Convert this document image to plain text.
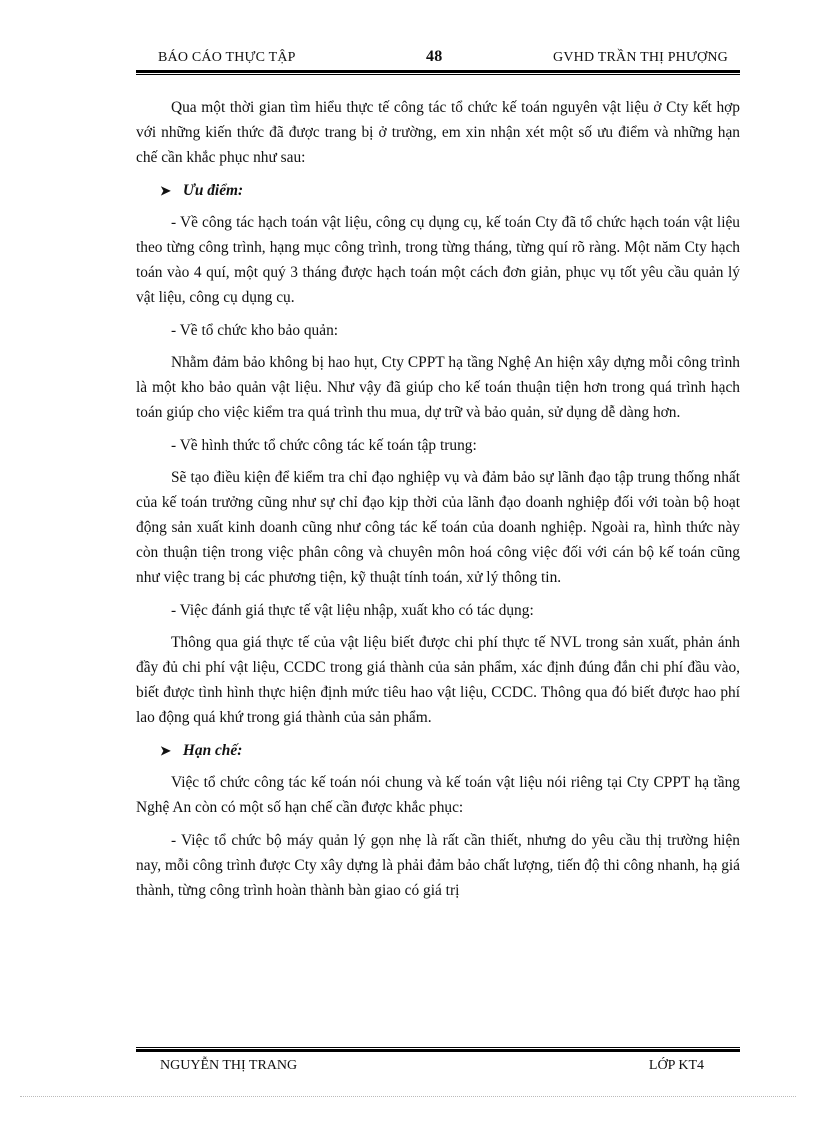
BÁO CÁO THỰC TẬP	48	GVHD TRẦN THỊ PHƯỢNG

Qua một thời gian tìm hiểu thực tế công tác tổ chức kế toán nguyên vật liệu ở Cty kết hợp với những kiến thức đã được trang bị ở trường, em xin nhận xét một số ưu điểm và những hạn chế cần khắc phục như sau:

➤ Ưu điểm:

- Về công tác hạch toán vật liệu, công cụ dụng cụ, kế toán Cty đã tổ chức hạch toán vật liệu theo từng công trình, hạng mục công trình, trong từng tháng, từng quí rõ ràng. Một năm Cty hạch toán vào 4 quí, một quý 3 tháng được hạch toán một cách đơn giản, phục vụ tốt yêu cầu quản lý vật liệu, công cụ dụng cụ.

- Về tổ chức kho bảo quản:

Nhằm đảm bảo không bị hao hụt, Cty CPPT hạ tầng Nghệ An hiện xây dựng mỗi công trình là một kho bảo quản vật liệu. Như vậy đã giúp cho kế toán thuận tiện hơn trong quá trình hạch toán giúp cho việc kiểm tra quá trình thu mua, dự trữ và bảo quản, sử dụng dễ dàng hơn.

- Về hình thức tổ chức công tác kế toán tập trung:

Sẽ tạo điều kiện để kiểm tra chỉ đạo nghiệp vụ và đảm bảo sự lãnh đạo tập trung thống nhất của kế toán trưởng cũng như sự chỉ đạo kịp thời của lãnh đạo doanh nghiệp đối với toàn bộ hoạt động sản xuất kinh doanh cũng như công tác kế toán của doanh nghiệp. Ngoài ra, hình thức này còn thuận tiện trong việc phân công và chuyên môn hoá công việc đối với cán bộ kế toán cũng như việc trang bị các phương tiện, kỹ thuật tính toán, xử lý thông tin.

- Việc đánh giá thực tế vật liệu nhập, xuất kho có tác dụng:

Thông qua giá thực tế của vật liệu biết được chi phí thực tế NVL trong sản xuất, phản ánh đầy đủ chi phí vật liệu, CCDC trong giá thành của sản phẩm, xác định đúng đắn chi phí đầu vào, biết được tình hình thực hiện định mức tiêu hao vật liệu, CCDC. Thông qua đó biết được hao phí lao động quá khứ trong giá thành của sản phẩm.

➤ Hạn chế:

Việc tổ chức công tác kế toán nói chung và kế toán vật liệu nói riêng tại Cty CPPT hạ tầng Nghệ An còn có một số hạn chế cần được khắc phục:

- Việc tổ chức bộ máy quản lý gọn nhẹ là rất cần thiết, nhưng do yêu cầu thị trường hiện nay, mỗi công trình được Cty xây dựng là phải đảm bảo chất lượng, tiến độ thi công nhanh, hạ giá thành, từng công trình hoàn thành bàn giao có giá trị

NGUYỄN THỊ TRANG	LỚP KT4
